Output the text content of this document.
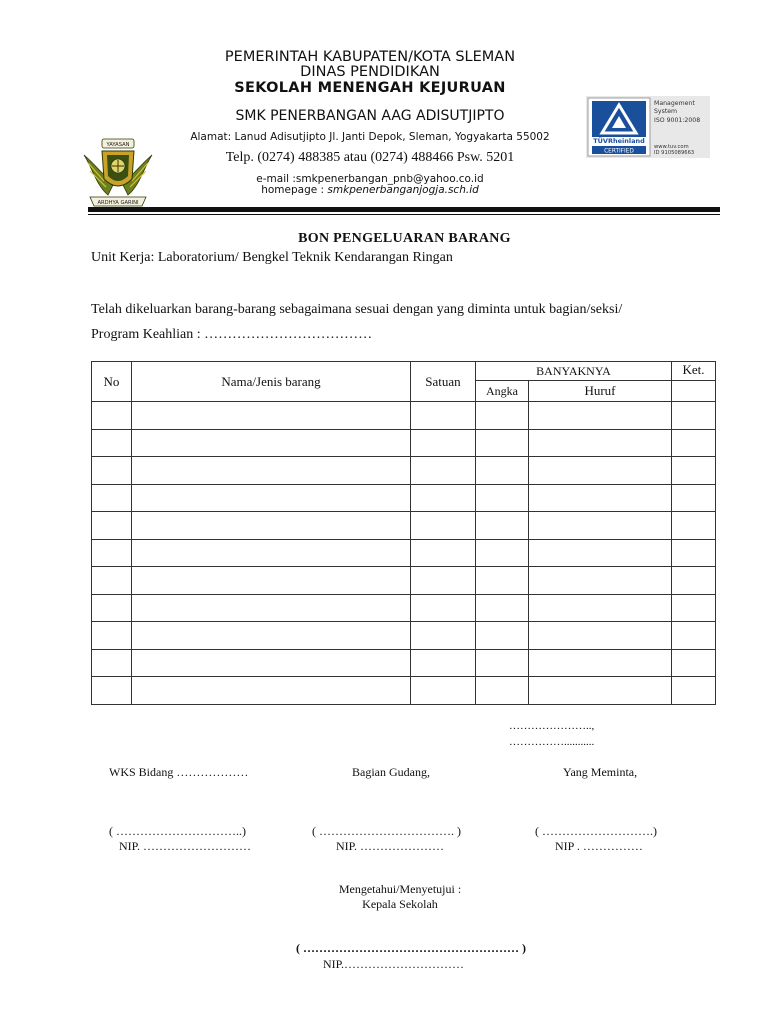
YAYASAN
ARDHYA GARINI
PEMERINTAH KABUPATEN/KOTA SLEMAN
DINAS PENDIDIKAN
SEKOLAH MENENGAH KEJURUAN
SMK PENERBANGAN AAG ADISUTJIPTO
Alamat: Lanud Adisutjipto Jl. Janti Depok, Sleman, Yogyakarta 55002
Telp. (0274) 488385 atau (0274) 488466 Psw. 5201
e-mail :smkpenerbangan_pnb@yahoo.co.id
homepage : smkpenerbanganjogja.sch.id
TÜVRheinland
CERTIFIED
Management
System
ISO 9001:2008
www.tuv.com
ID 9105089663
BON PENGELUARAN BARANG
Unit Kerja: Laboratorium/ Bengkel Teknik Kendarangan Ringan
Telah dikeluarkan barang-barang sebagaimana sesuai dengan yang diminta untuk bagian/seksi/
Program Keahlian : ………………………………
No	Nama/Jenis barang	Satuan	BANYAKNYA		Ket.
			Angka	Huruf	

…………………..,
……………...........
WKS Bidang ………………	Bagian Gudang,	Yang Meminta,
( …………………………..)
NIP. ………………………
( ……………………………. )
NIP. …………………
( ……………………….)
NIP . ……………
Mengetahui/Menyetujui :
Kepala Sekolah
( ……………………………………………… )
NIP.…………………………
